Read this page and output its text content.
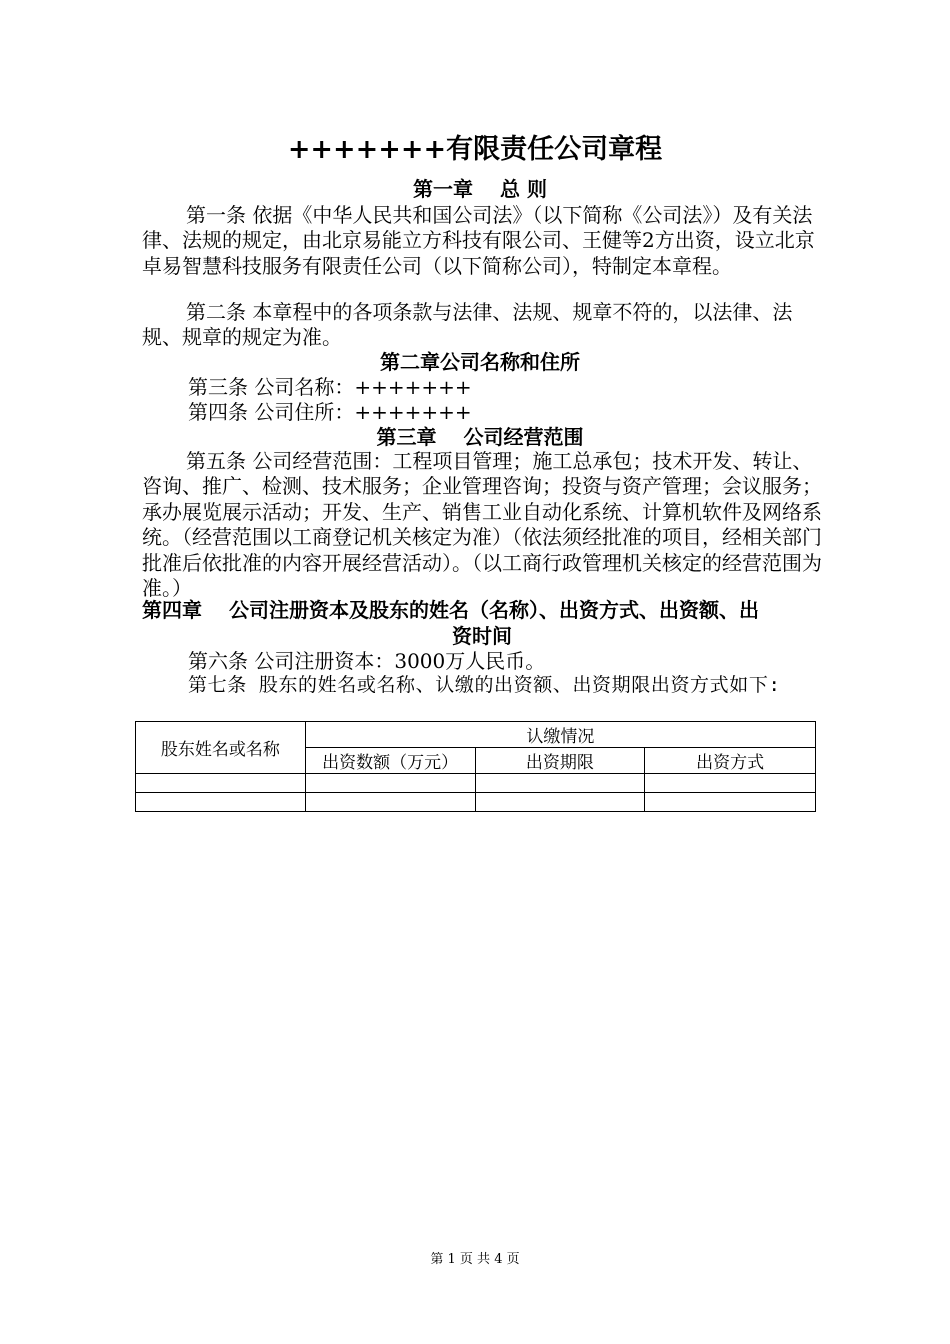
+++++++有限责任公司章程
第一章　 总 则
第一条 依据《中华人民共和国公司法》（以下简称《公司法》）及有关法律、法规的规定，由北京易能立方科技有限公司、王健等2方出资，设立北京卓易智慧科技服务有限责任公司（以下简称公司），特制定本章程。
第二条 本章程中的各项条款与法律、法规、规章不符的，以法律、法规、规章的规定为准。
第二章公司名称和住所
第三条 公司名称：+++++++
第四条 公司住所：+++++++
第三章　 公司经营范围
第五条 公司经营范围：工程项目管理；施工总承包；技术开发、转让、咨询、推广、检测、技术服务；企业管理咨询；投资与资产管理；会议服务；承办展览展示活动；开发、生产、销售工业自动化系统、计算机软件及网络系统。（经营范围以工商登记机关核定为准）（依法须经批准的项目，经相关部门批准后依批准的内容开展经营活动）。（以工商行政管理机关核定的经营范围为准。）
第四章　 公司注册资本及股东的姓名（名称）、出资方式、出资额、出
资时间
第六条 公司注册资本：3000万人民币。
第七条 股东的姓名或名称、认缴的出资额、出资期限出资方式如下:
股东姓名或名称	认缴情况		
	出资数额（万元）	出资期限	出资方式

第 1 页 共 4 页
